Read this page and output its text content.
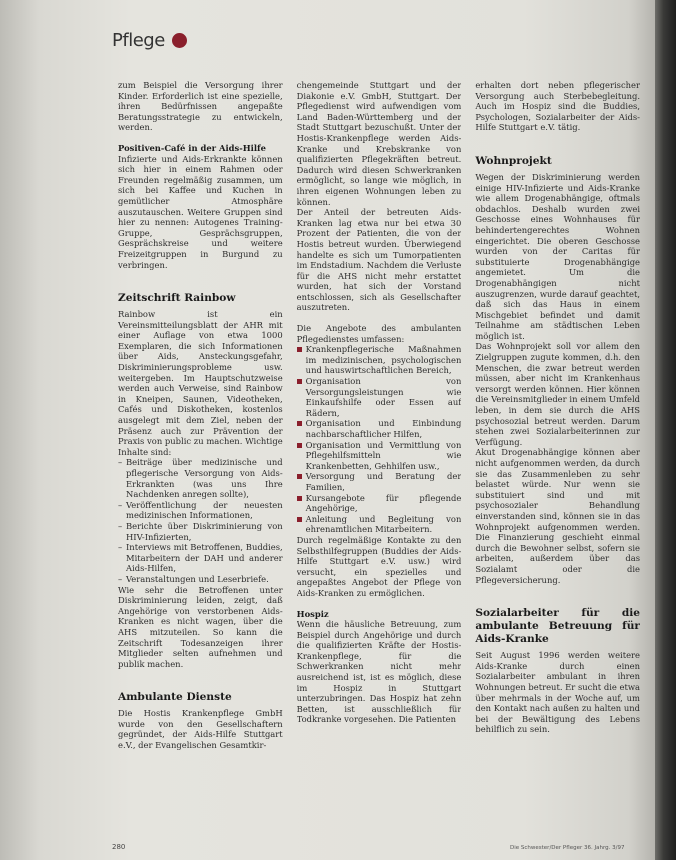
Pflege

zum Beispiel die Versorgung ihrer Kinder. Erforderlich ist eine spezielle, ihren Bedürfnissen angepaßte Beratungsstrategie zu entwickeln, werden.

Positiven-Café in der Aids-Hilfe

Infizierte und Aids-Erkrankte können sich hier in einem Rahmen oder Freunden regelmäßig zusammen, um sich bei Kaffee und Kuchen in gemütlicher Atmosphäre auszutauschen. Weitere Gruppen sind hier zu nennen: Autogenes Training-Gruppe, Gesprächsgruppen, Gesprächskreise und weitere Freizeitgruppen in Burgund zu verbringen.

Zeitschrift Rainbow

Rainbow ist ein Vereinsmitteilungsblatt der AHR mit einer Auflage von etwa 1000 Exemplaren, die sich Informationen über Aids, Ansteckungsgefahr, Diskriminierungsprobleme usw. weitergeben. Im Hauptschutzweise werden auch Verweise, sind Rainbow in Kneipen, Saunen, Videotheken, Cafés und Diskotheken, kostenlos ausgelegt mit dem Ziel, neben der Präsenz auch zur Prävention der Praxis von public zu machen. Wichtige Inhalte sind:

– Beiträge über medizinische und pflegerische Versorgung von Aids-Erkrankten (was uns Ihre Nachdenken anregen sollte),
– Veröffentlichung der neuesten medizinischen Informationen,
– Berichte über Diskriminierung von HIV-Infizierten,
– Interviews mit Betroffenen, Buddies, Mitarbeitern der DAH und anderer Aids-Hilfen,
– Veranstaltungen und Leserbriefe.

Wie sehr die Betroffenen unter Diskriminierung leiden, zeigt, daß Angehörige von verstorbenen Aids-Kranken es nicht wagen, über die AHS mitzuteilen. So kann die Zeitschrift Todesanzeigen ihrer Mitglieder selten aufnehmen und publik machen.

Ambulante Dienste

Die Hostis Krankenpflege GmbH wurde von den Gesellschaftern gegründet, der Aids-Hilfe Stuttgart e.V., der Evangelischen Gesamtkir-

chengemeinde Stuttgart und der Diakonie e.V. GmbH, Stuttgart. Der Pflegedienst wird aufwendigen vom Land Baden-Württemberg und der Stadt Stuttgart bezuschußt. Unter der Hostis-Krankenpflege werden Aids-Kranke und Krebskranke von qualifizierten Pflegekräften betreut. Dadurch wird diesen Schwerkranken ermöglicht, so lange wie möglich, in ihren eigenen Wohnungen leben zu können.

Der Anteil der betreuten Aids-Kranken lag etwa nur bei etwa 30 Prozent der Patienten, die von der Hostis betreut wurden. Überwiegend handelte es sich um Tumorpatienten im Endstadium. Nachdem die Verluste für die AHS nicht mehr erstattet wurden, hat sich der Vorstand entschlossen, sich als Gesellschafter auszutreten.

Die Angebote des ambulanten Pflegedienstes umfassen:

Krankenpflegerische Maßnahmen im medizinischen, psychologischen und hauswirtschaftlichen Bereich,
Organisation von Versorgungsleistungen wie Einkaufshilfe oder Essen auf Rädern,
Organisation und Einbindung nachbarschaftlicher Hilfen,
Organisation und Vermittlung von Pflegehilfsmitteln wie Krankenbetten, Gehhilfen usw.,
Versorgung und Beratung der Familien,
Kursangebote für pflegende Angehörige,
Anleitung und Begleitung von ehrenamtlichen Mitarbeitern.

Durch regelmäßige Kontakte zu den Selbsthilfegruppen (Buddies der Aids-Hilfe Stuttgart e.V. usw.) wird versucht, ein spezielles und angepaßtes Angebot der Pflege von Aids-Kranken zu ermöglichen.

Hospiz

Wenn die häusliche Betreuung, zum Beispiel durch Angehörige und durch die qualifizierten Kräfte der Hostis-Krankenpflege, für die Schwerkranken nicht mehr ausreichend ist, ist es möglich, diese im Hospiz in Stuttgart unterzubringen. Das Hospiz hat zehn Betten, ist ausschließlich für Todkranke vorgesehen. Die Patienten

erhalten dort neben pflegerischer Versorgung auch Sterbebegleitung. Auch im Hospiz sind die Buddies, Psychologen, Sozialarbeiter der Aids-Hilfe Stuttgart e.V. tätig.

Wohnprojekt

Wegen der Diskriminierung werden einige HIV-Infizierte und Aids-Kranke wie allem Drogenabhängige, oftmals obdachlos. Deshalb wurden zwei Geschosse eines Wohnhauses für behindertengerechtes Wohnen eingerichtet. Die oberen Geschosse wurden von der Caritas für substituierte Drogenabhängige angemietet. Um die Drogenabhängigen nicht auszugrenzen, wurde darauf geachtet, daß sich das Haus in einem Mischgebiet befindet und damit Teilnahme am städtischen Leben möglich ist.

Das Wohnprojekt soll vor allem den Zielgruppen zugute kommen, d.h. den Menschen, die zwar betreut werden müssen, aber nicht im Krankenhaus versorgt werden können. Hier können die Vereinsmitglieder in einem Umfeld leben, in dem sie durch die AHS psychosozial betreut werden. Darum stehen zwei Sozialarbeiterinnen zur Verfügung.

Akut Drogenabhängige können aber nicht aufgenommen werden, da durch sie das Zusammenleben zu sehr belastet würde. Nur wenn sie substituiert sind und mit psychosozialer Behandlung einverstanden sind, können sie in das Wohnprojekt aufgenommen werden. Die Finanzierung geschieht einmal durch die Bewohner selbst, sofern sie arbeiten, außerdem über das Sozialamt oder die Pflegeversicherung.

Sozialarbeiter für die ambulante Betreuung für Aids-Kranke

Seit August 1996 werden weitere Aids-Kranke durch einen Sozialarbeiter ambulant in ihren Wohnungen betreut. Er sucht die etwa über mehrmals in der Woche auf, um den Kontakt nach außen zu halten und bei der Bewältigung des Lebens behilflich zu sein.

280	Die Schwester/Der Pfleger 36. Jahrg. 3/97
